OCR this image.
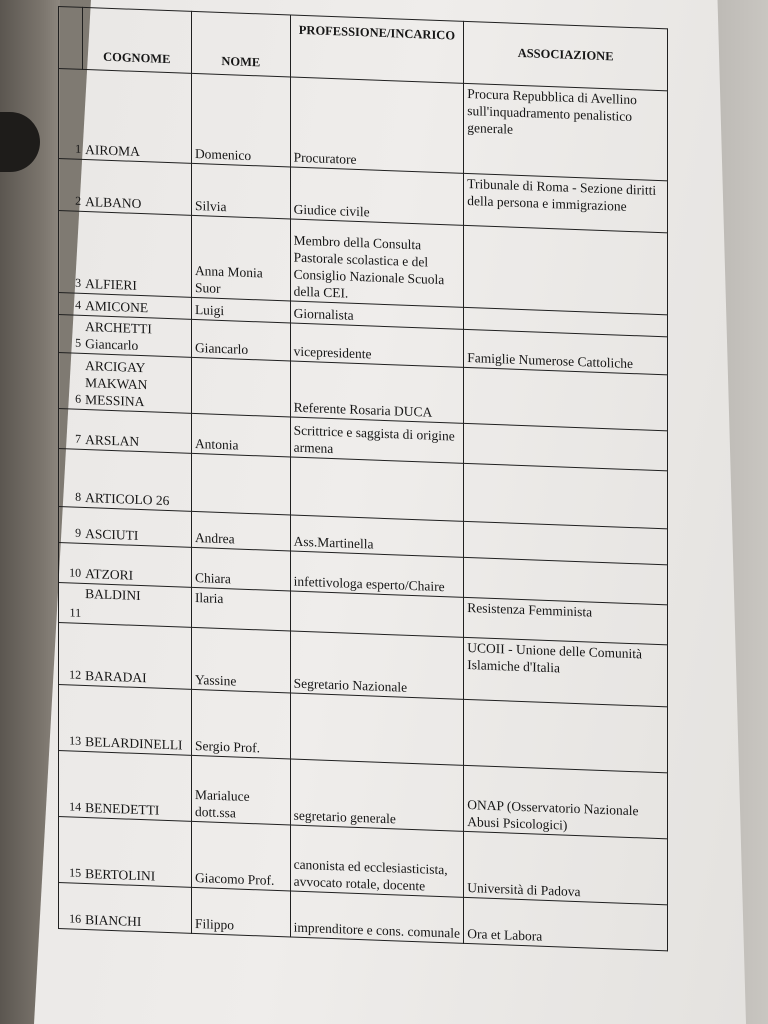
	COGNOME	NOME	PROFESSIONE/INCARICO	ASSOCIAZIONE
1	AIROMA	Domenico	Procuratore	Procura Repubblica di Avellino sull'inquadramento penalistico generale
2	ALBANO	Silvia	Giudice civile	Tribunale di Roma - Sezione diritti della persona e immigrazione
3	ALFIERI	Anna Monia Suor	Membro della Consulta Pastorale scolastica e del Consiglio Nazionale Scuola della CEI.	
4	AMICONE	Luigi	Giornalista	
5	ARCHETTI Giancarlo	Giancarlo	vicepresidente	Famiglie Numerose Cattoliche
6	ARCIGAY MAKWAN MESSINA		Referente Rosaria DUCA	
7	ARSLAN	Antonia	Scrittrice e saggista di origine armena	
8	ARTICOLO 26			
9	ASCIUTI	Andrea	Ass.Martinella	
10	ATZORI	Chiara	infettivologa esperto/Chaire	
11	BALDINI	Ilaria		Resistenza Femminista
12	BARADAI	Yassine	Segretario Nazionale	UCOII - Unione delle Comunità Islamiche d'Italia
13	BELARDINELLI	Sergio Prof.		
14	BENEDETTI	Marialuce dott.ssa	segretario generale	ONAP (Osservatorio Nazionale Abusi Psicologici)
15	BERTOLINI	Giacomo Prof.	canonista ed ecclesiasticista, avvocato rotale, docente	Università di Padova
16	BIANCHI	Filippo	imprenditore e cons. comunale	Ora et Labora
